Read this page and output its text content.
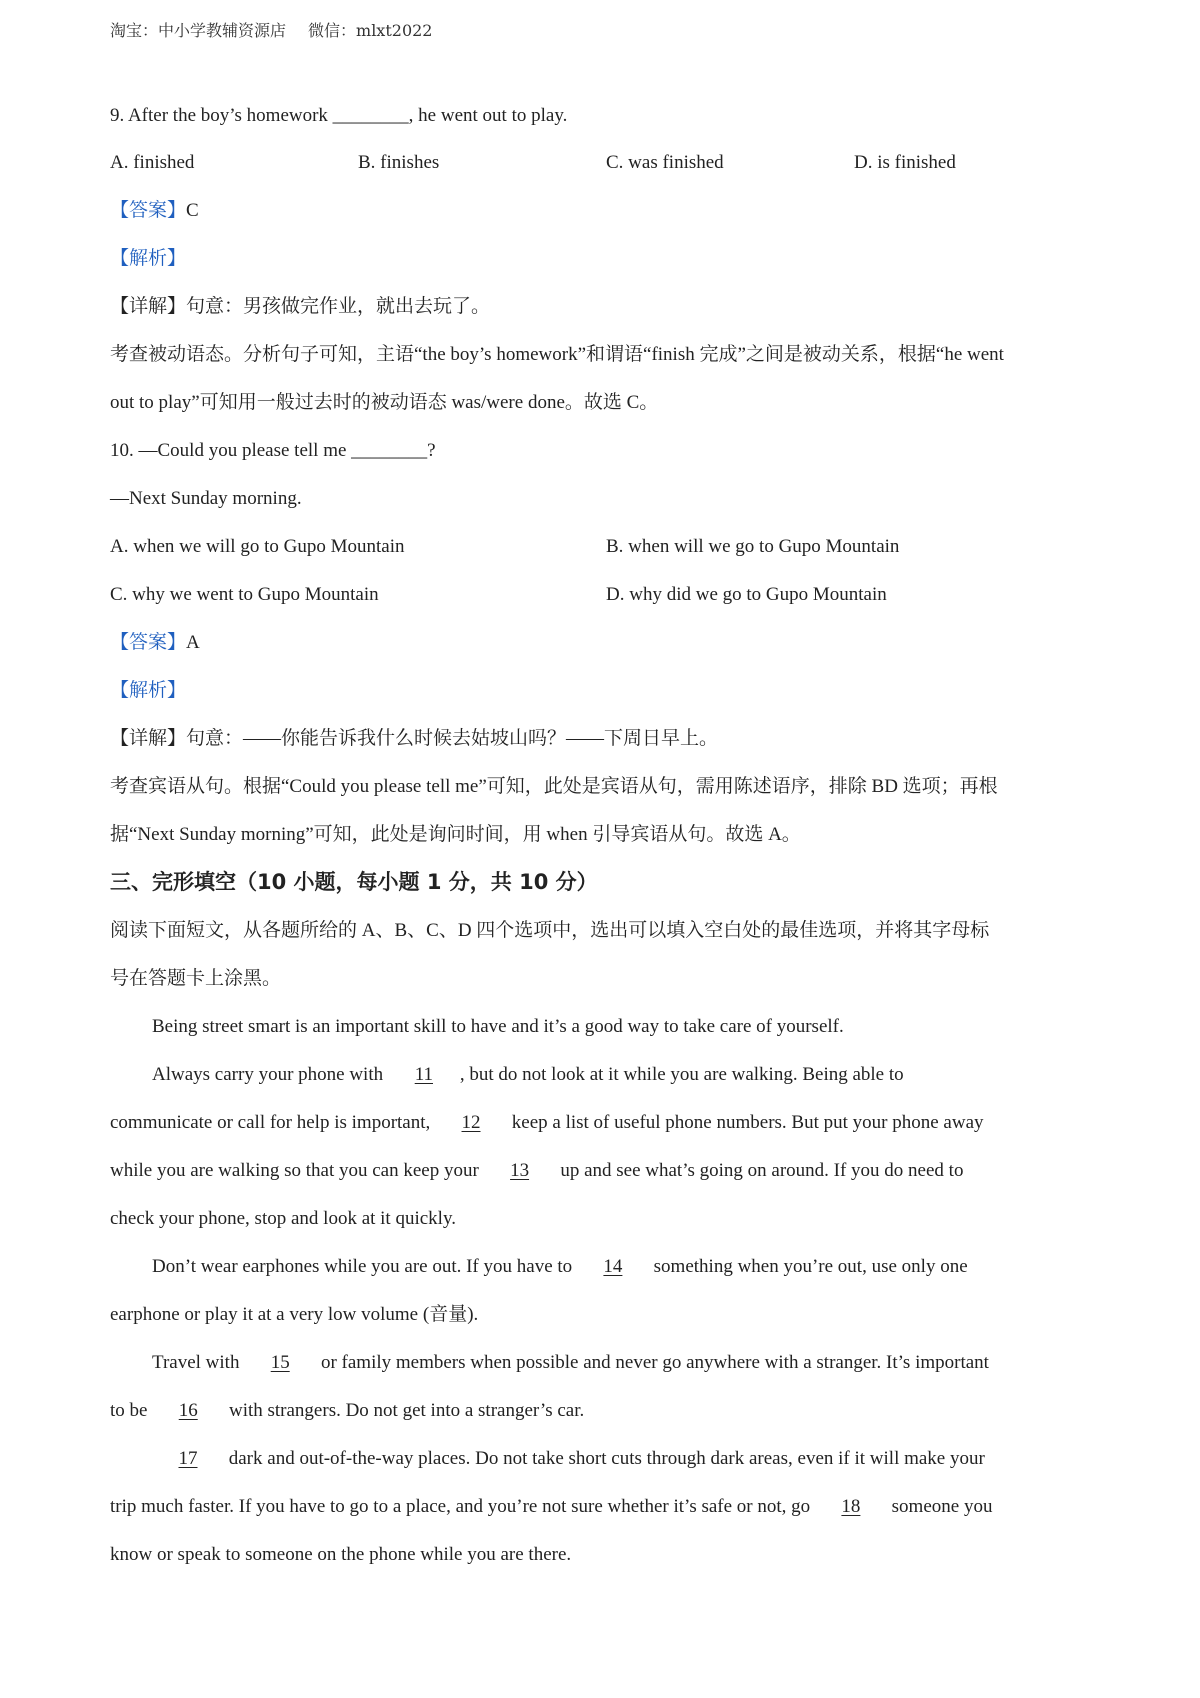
淘宝：中小学教辅资源店 微信：mlxt2022
9. After the boy’s homework ________, he went out to play.
A. finished	B. finishes	C. was finished	D. is finished
【答案】C
【解析】
【详解】句意：男孩做完作业，就出去玩了。
考查被动语态。分析句子可知，主语“the boy’s homework”和谓语“finish 完成”之间是被动关系，根据“he went
out to play”可知用一般过去时的被动语态 was/were done。故选 C。
10. —Could you please tell me ________?
—Next Sunday morning.
A. when we will go to Gupo Mountain	B. when will we go to Gupo Mountain
C. why we went to Gupo Mountain	D. why did we go to Gupo Mountain
【答案】A
【解析】
【详解】句意：——你能告诉我什么时候去姑坡山吗？——下周日早上。
考查宾语从句。根据“Could you please tell me”可知，此处是宾语从句，需用陈述语序，排除 BD 选项；再根
据“Next Sunday morning”可知，此处是询问时间，用 when 引导宾语从句。故选 A。
三、完形填空（10 小题，每小题 1 分，共 10 分）
阅读下面短文，从各题所给的 A、B、C、D 四个选项中，选出可以填入空白处的最佳选项，并将其字母标
号在答题卡上涂黑。
Being street smart is an important skill to have and it’s a good way to take care of yourself.
Always carry your phone with 11 , but do not look at it while you are walking. Being able to
communicate or call for help is important, 12 keep a list of useful phone numbers. But put your phone away
while you are walking so that you can keep your 13 up and see what’s going on around. If you do need to
check your phone, stop and look at it quickly.
Don’t wear earphones while you are out. If you have to 14 something when you’re out, use only one
earphone or play it at a very low volume (音量).
Travel with 15 or family members when possible and never go anywhere with a stranger. It’s important
to be 16 with strangers. Do not get into a stranger’s car.
17 dark and out-of-the-way places. Do not take short cuts through dark areas, even if it will make your
trip much faster. If you have to go to a place, and you’re not sure whether it’s safe or not, go 18 someone you
know or speak to someone on the phone while you are there.
